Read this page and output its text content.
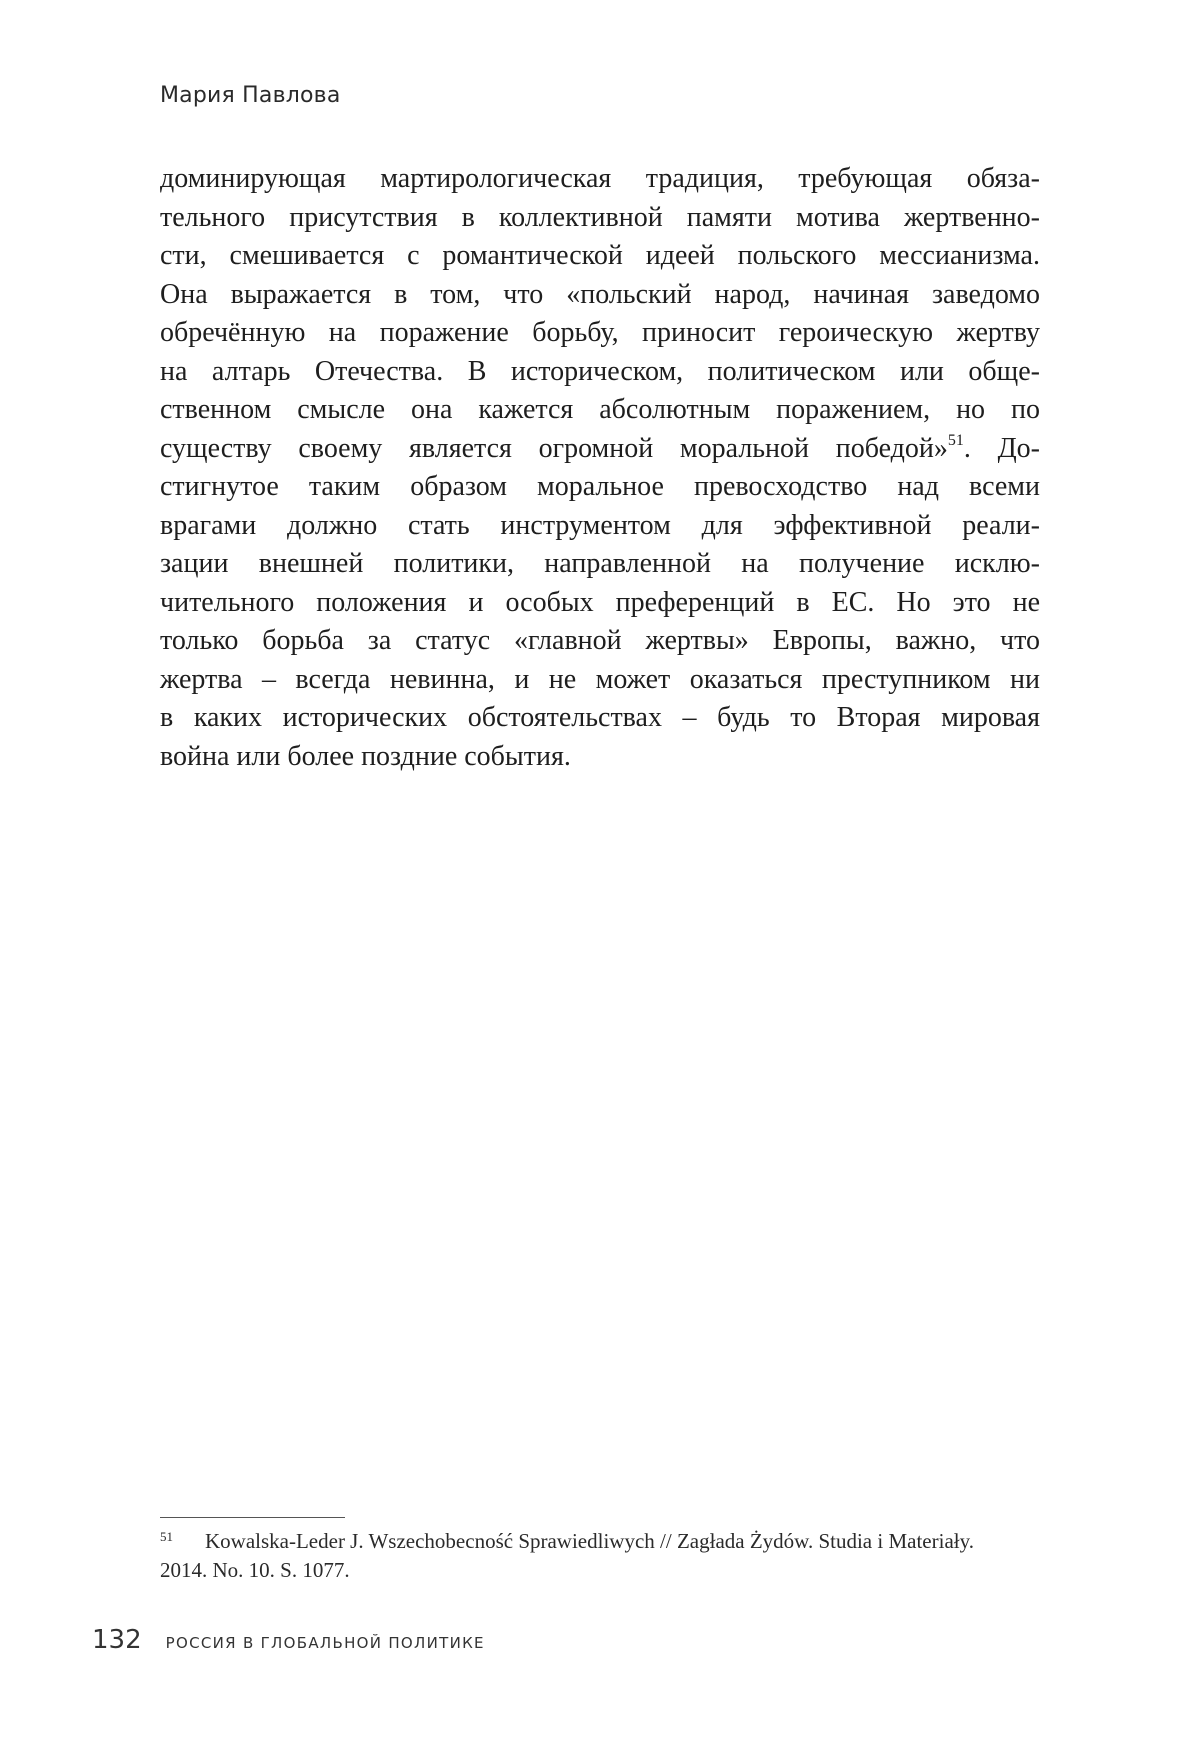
Мария Павлова
доминирующая мартирологическая традиция, требующая обяза-
тельного присутствия в коллективной памяти мотива жертвенно-
сти, смешивается с романтической идеей польского мессианизма.
Она выражается в том, что «польский народ, начиная заведомо
обречённую на поражение борьбу, приносит героическую жертву
на алтарь Отечества. В историческом, политическом или обще-
ственном смысле она кажется абсолютным поражением, но по
существу своему является огромной моральной победой»$^{51}$. До-
стигнутое таким образом моральное превосходство над всеми
врагами должно стать инструментом для эффективной реали-
зации внешней политики, направленной на получение исклю-
чительного положения и особых преференций в ЕС. Но это не
только борьба за статус «главной жертвы» Европы, важно, что
жертва – всегда невинна, и не может оказаться преступником ни
в каких исторических обстоятельствах – будь то Вторая мировая
война или более поздние события.
51 Kowalska-Leder J. Wszechobecność Sprawiedliwych // Zagłada Żydów. Studia i Materiały.
2014. No. 10. S. 1077.
132 РОССИЯ В ГЛОБАЛЬНОЙ ПОЛИТИКЕ
